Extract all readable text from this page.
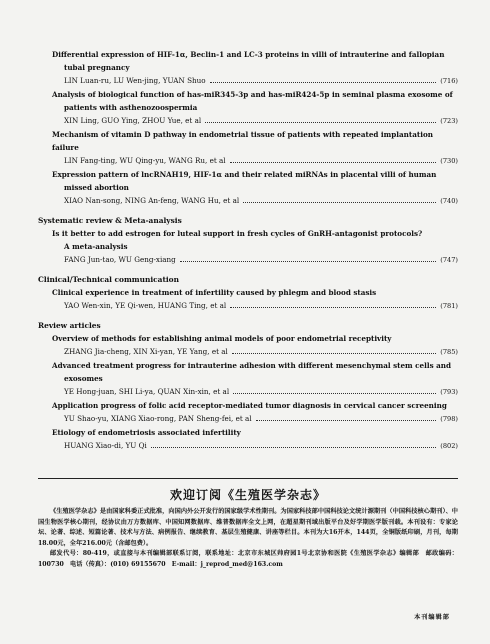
Differential expression of HIF-1α, Beclin-1 and LC-3 proteins in villi of intrauterine and fallopian
tubal pregnancy
LIN Luan-ru, LU Wen-jing, YUAN Shuo	(716)
Analysis of biological function of has-miR345-3p and has-miR424-5p in seminal plasma exosome of
patients with asthenozoospermia
XIN Ling, GUO Ying, ZHOU Yue, et al	(723)
Mechanism of vitamin D pathway in endometrial tissue of patients with repeated implantation failure
LIN Fang-ting, WU Qing-yu, WANG Ru, et al	(730)
Expression pattern of lncRNAH19, HIF-1α and their related miRNAs in placental villi of human
missed abortion
XIAO Nan-song, NING An-feng, WANG Hu, et al	(740)
Systematic review & Meta-analysis
Is it better to add estrogen for luteal support in fresh cycles of GnRH-antagonist protocols?
A meta-analysis
FANG Jun-tao, WU Geng-xiang	(747)
Clinical/Technical communication
Clinical experience in treatment of infertility caused by phlegm and blood stasis
YAO Wen-xin, YE Qi-wen, HUANG Ting, et al	(781)
Review articles
Overview of methods for establishing animal models of poor endometrial receptivity
ZHANG Jia-cheng, XIN Xi-yan, YE Yang, et al	(785)
Advanced treatment progress for intrauterine adhesion with different mesenchymal stem cells and
exosomes
YE Hong-juan, SHI Li-ya, QUAN Xin-xin, et al	(793)
Application progress of folic acid receptor-mediated tumor diagnosis in cervical cancer screening
YU Shao-yu, XIANG Xiao-rong, PAN Sheng-fei, et al	(798)
Etiology of endometriosis associated infertility
HUANG Xiao-di, YU Qi	(802)
欢迎订阅《生殖医学杂志》
《生殖医学杂志》是由国家科委正式批准，向国内外公开发行的国家级学术性期刊。为国家科技部中国科技论文统计源期刊（中国科技核心期刊）、中国生物医学核心期刊，经协议由万方数据库、中国知网数据库、维普数据库全文上网，在超星期刊域出版平台及好学期医学版刊载。本刊设有：专家论坛、论著、综述、短篇论著、技术与方法、病例报告、继续教育、基层生殖健康、讲座等栏目。本刊为大16开本，144页，全铜版纸印刷，月刊，每期18.00元，全年216.00元（含邮包费）。
邮发代号：80-419，或直接与本刊编辑部联系订阅，联系地址：北京市东城区帅府园1号北京协和医院《生殖医学杂志》编辑部　邮政编码：100730　电话（传真）：(010) 69155670　E-mail：j_reprod_med@163.com
本刊编辑部
